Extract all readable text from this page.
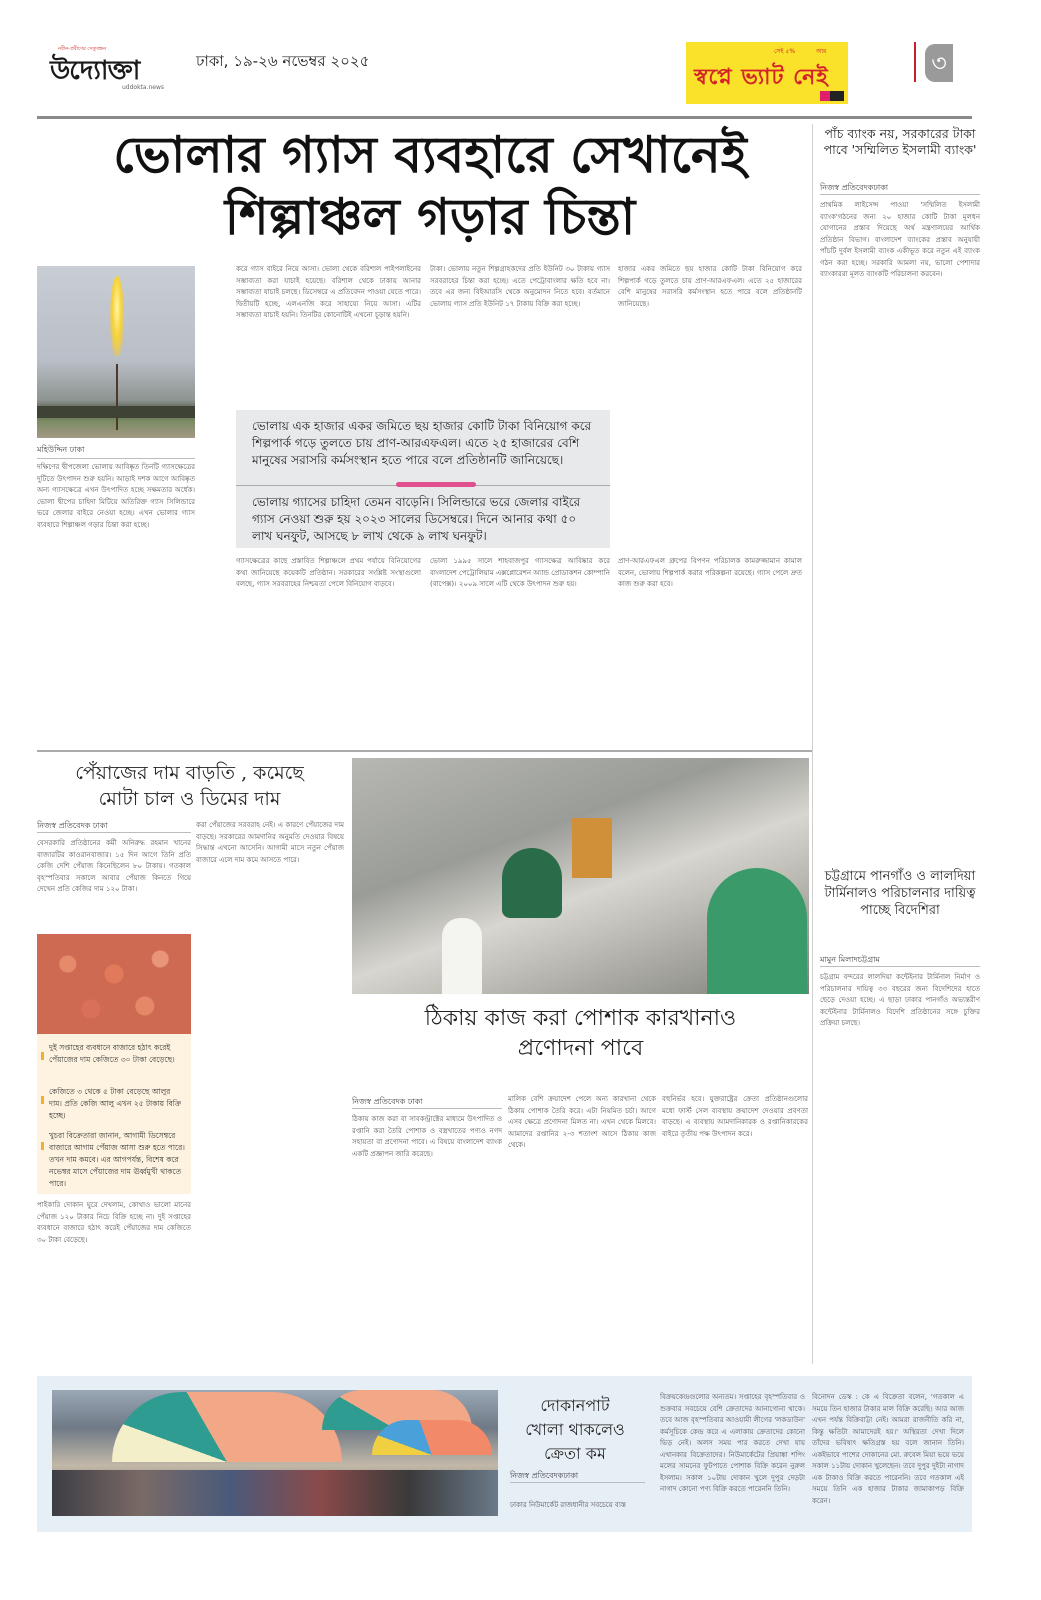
নবীন-প্রবীণের সেতুবন্ধন
উদ্যোক্তা
uddokta.news
ঢাকা, ১৯-২৬ নভেম্বর ২০২৫
সেই ৫%	আর
স্বপ্নে ভ্যাট নেই
৩
ভোলার গ্যাস ব্যবহারে সেখানেই
শিল্পাঞ্চল গড়ার চিন্তা
মহিউদ্দিন ঢাকা
দক্ষিণের দ্বীপজেলা ভোলায় আবিষ্কৃত তিনটি গ্যাসক্ষেত্রের দুটিতে উৎপাদন শুরু হয়নি। আড়াই দশক আগে আবিষ্কৃত অন্য গ্যাসক্ষেত্রে এখন উৎপাদিত হচ্ছে সক্ষমতার অর্ধেক। ভোলা দ্বীপের চাহিদা মিটিয়ে অতিরিক্ত গ্যাস সিলিন্ডারে ভরে জেলার বাইরে নেওয়া হচ্ছে। এখন ভোলার গ্যাস ব্যবহারে শিল্পাঞ্চল গড়ার চিন্তা করা হচ্ছে।
করে গ্যাস বাইরে নিয়ে আসা। ভোলা থেকে বরিশাল পাইপলাইনের সম্ভাব্যতা করা যাচাই হয়েছে। বরিশাল থেকে ঢাকায় আনার সম্ভাব্যতা যাচাই চলছে। ডিসেম্বরে এ প্রতিবেদন পাওয়া যেতে পারে। দ্বিতীয়টি হচ্ছে, এলএনজি করে সাহায্যে নিয়ে আসা। এটির সম্ভাব্যতা যাচাই হয়নি। তিনটির কোনোটিই এখনো চূড়ান্ত হয়নি।
টাকা। ভোলায় নতুন শিল্পগ্রাহকদের প্রতি ইউনিট ৩০ টাকায় গ্যাস সরবরাহের চিন্তা করা হচ্ছে। এতে পেট্রোবাংলার ক্ষতি হবে না। তবে এর জন্য বিইআরসি থেকে অনুমোদন নিতে হবে। বর্তমানে ভোলায় গ্যাস প্রতি ইউনিট ১৭ টাকায় বিক্রি করা হচ্ছে।
হাজার একর জমিতে ছয় হাজার কোটি টাকা বিনিয়োগ করে শিল্পপার্ক গড়ে তুলতে চায় প্রাণ-আরএফএল। এতে ২৫ হাজারের বেশি মানুষের সরাসরি কর্মসংস্থান হতে পারে বলে প্রতিষ্ঠানটি জানিয়েছে।
ভোলায় এক হাজার একর জমিতে ছয় হাজার কোটি টাকা বিনিয়োগ করে শিল্পপার্ক গড়ে তুলতে চায় প্রাণ-আরএফএল। এতে ২৫ হাজারের বেশি মানুষের সরাসরি কর্মসংস্থান হতে পারে বলে প্রতিষ্ঠানটি জানিয়েছে।
ভোলায় গ্যাসের চাহিদা তেমন বাড়েনি। সিলিন্ডারে ভরে জেলার বাইরে গ্যাস নেওয়া শুরু হয় ২০২৩ সালের ডিসেম্বরে। দিনে আনার কথা ৫০ লাখ ঘনফুট, আসছে ৮ লাখ থেকে ৯ লাখ ঘনফুট।
গ্যাসক্ষেত্রের কাছে প্রস্তাবিত শিল্পাঞ্চলে প্রথম পর্যায়ে বিনিয়োগের কথা জানিয়েছে কয়েকটি প্রতিষ্ঠান। সরকারের সংশ্লিষ্ট সংস্থাগুলো বলছে, গ্যাস সরবরাহের নিশ্চয়তা পেলে বিনিয়োগ বাড়বে।
ভোলা ১৯৯৫ সালে শাহবাজপুর গ্যাসক্ষেত্র আবিষ্কার করে বাংলাদেশ পেট্রোলিয়াম এক্সপ্লোরেশন অ্যান্ড প্রোডাকশন কোম্পানি (বাপেক্স)। ২০০৯ সালে এটি থেকে উৎপাদন শুরু হয়।
প্রাণ-আরএফএল গ্রুপের বিপণন পরিচালক কামরুজ্জামান কামাল বলেন, ভোলায় শিল্পপার্ক করার পরিকল্পনা রয়েছে। গ্যাস পেলে দ্রুত কাজ শুরু করা হবে।
পাঁচ ব্যাংক নয়, সরকারের টাকা পাবে 'সম্মিলিত ইসলামী ব্যাংক'
নিজস্ব প্রতিবেদকঢাকা
প্রাথমিক লাইসেন্স পাওয়া 'সম্মিলিত ইসলামী ব্যাংক'গঠনের জন্য ২০ হাজার কোটি টাকা মূলধন যোগানের প্রস্তাব দিয়েছে অর্থ মন্ত্রণালয়ের আর্থিক প্রতিষ্ঠান বিভাগ। বাংলাদেশ ব্যাংকের প্রস্তাব অনুযায়ী পাঁচটি দুর্বল ইসলামী ব্যাংক একীভূত করে নতুন এই ব্যাংক গঠন করা হচ্ছে। সরকারি আমলা নয়, ভালো পেশাদার ব্যাংকাররা মূলত ব্যাংকটি পরিচালনা করবেন।
চট্টগ্রামে পানগাঁও ও লালদিয়া টার্মিনালও পরিচালনার দায়িত্ব পাচ্ছে বিদেশিরা
মামুন মিলাদচট্টগ্রাম
চট্টগ্রাম বন্দরের লালদিয়া কন্টেইনার টার্মিনাল নির্মাণ ও পরিচালনার দায়িত্ব ৩৩ বছরের জন্য বিদেশিদের হাতে ছেড়ে দেওয়া হচ্ছে। এ ছাড়া ঢাকার পানগাঁও অভ্যন্তরীণ কন্টেইনার টার্মিনালও বিদেশি প্রতিষ্ঠানের সঙ্গে চুক্তির প্রক্রিয়া চলছে।
পেঁয়াজের দাম বাড়তি , কমেছে
মোটা চাল ও ডিমের দাম
নিজস্ব প্রতিবেদক ঢাকা
বেসরকারি প্রতিষ্ঠানের কর্মী অনিরুদ্ধ রহমান খানের বাজারটির কাওরানবাজার। ১৫ দিন আগে তিনি প্রতি কেজি দেশি পেঁয়াজ কিনেছিলেন ৮০ টাকায়। গতকাল বৃহস্পতিবার সকালে আবার পেঁয়াজ কিনতে গিয়ে দেখেন প্রতি কেজির দাম ১২০ টাকা।
দুই সপ্তাহের ব্যবধানে বাজারে হঠাৎ করেই পেঁয়াজের দাম কেজিতে ৩০ টাকা বেড়েছে।
কেজিতে ৩ থেকে ৫ টাকা বেড়েছে আলুর দাম। প্রতি কেজি আলু এখন ২৫ টাকায় বিক্রি হচ্ছে।
খুচরা বিক্রেতারা জানান, আগামী ডিসেম্বরে বাজারে আগাম পেঁয়াজ আসা শুরু হতে পারে। তখন দাম কমবে। এর আগপর্যন্ত, বিশেষ করে নভেম্বর মাসে পেঁয়াজের দাম ঊর্ধ্বমুখী থাকতে পারে।
পাইকারি দোকান ঘুরে দেখলাম, কোথাও ভালো মানের পেঁয়াজ ১২০ টাকার নিচে বিক্রি হচ্ছে না। দুই সপ্তাহের ব্যবধানে বাজারে হঠাৎ করেই পেঁয়াজের দাম কেজিতে ৩০ টাকা বেড়েছে।
করা পেঁয়াজের সরবরাহ নেই। এ কারণে পেঁয়াজের দাম বাড়ছে। সরকারের আমদানির অনুমতি দেওয়ার বিষয়ে সিদ্ধান্ত এখনো আসেনি। আগামী মাসে নতুন পেঁয়াজ বাজারে এলে দাম কমে আসতে পারে।
ঠিকায় কাজ করা পোশাক কারখানাও
প্রণোদনা পাবে
নিজস্ব প্রতিবেদক ঢাকা
ঠিকায় কাজ করা বা সাবকন্ট্রাক্টের মাধ্যমে উৎপাদিত ও রপ্তানি করা তৈরি পোশাক ও বস্ত্রখাতের পণ্যও নগদ সহায়তা বা প্রণোদনা পাবে। এ বিষয়ে বাংলাদেশ ব্যাংক একটি প্রজ্ঞাপন জারি করেছে।
মালিক বেশি ক্রয়াদেশ পেলে অন্য কারখানা থেকে ঠিকায় পোশাক তৈরি করে। এটা নিয়মিত চর্চা। আগে এসব ক্ষেত্রে প্রণোদনা মিলত না। এখন থেকে মিলবে। আমাদের রপ্তানির ২-৩ শতাংশ আসে ঠিকায় কাজ থেকে।
বহুনির্ভর হবে। যুক্তরাষ্ট্রের ক্রেতা প্রতিষ্ঠানগুলোর মধ্যে ফার্স্ট সেল ব্যবস্থায় ক্রয়াদেশ দেওয়ার প্রবণতা বাড়ছে। এ ব্যবস্থায় আমদানিকারক ও রপ্তানিকারকের বাইরে তৃতীয় পক্ষ উৎপাদন করে।
দোকানপাট
খোলা থাকলেও
ক্রেতা কম
নিজস্ব প্রতিবেদকঢাকা
ঢাকার নিউমার্কেট রাজধানীর সবচেয়ে ব্যস্ত
বিক্রয়কেন্দ্রগুলোর অন্যতম। সপ্তাহের বৃহস্পতিবার ও শুক্রবার সবচেয়ে বেশি ক্রেতাদের আনাগোনা থাকে। তবে আজ বৃহস্পতিবার আওয়ামী লীগের 'লকডাউন' কর্মসূচিকে কেন্দ্র করে এ এলাকায় ক্রেতাদের কোনো ভিড় নেই। অলস সময় পার করতে দেখা যায় এখানকার বিক্রেতাদের। নিউমার্কেটের প্রিয়াঙ্কা শপিং মলের সামনের ফুটপাতে পোশাক বিক্রি করেন নুরুল ইসলাম। সকাল ১০টায় দোকান খুলে দুপুর দেড়টা নাগাদ কোনো পণ্য বিক্রি করতে পারেননি তিনি।
বিনোদন ডেস্ক : কে এ বিক্রেতা বলেন, 'গতকাল এ সময়ে তিন হাজার টাকার মাল বিক্রি করেছি। আর আজ এখন পর্যন্ত বিক্রিবাট্টা নেই। আমরা রাজনীতি করি না, কিন্তু ক্ষতিটা আমাদেরই হয়।' অস্থিরতা দেখা দিলে তাঁদের ভবিষ্যৎ ক্ষতিগ্রস্ত হয় বলে জানান তিনি। একইভাবে পাশের দোকানের মো. রুবেল মিয়া ভয়ে ভয়ে সকাল ১১টায় দোকান খুলেছেন। তবে দুপুর দুইটা নাগাদ এক টাকাও বিক্রি করতে পারেননি। তবে গতকাল এই সময়ে তিনি এক হাজার টাকার জামাকাপড় বিক্রি করেন।
